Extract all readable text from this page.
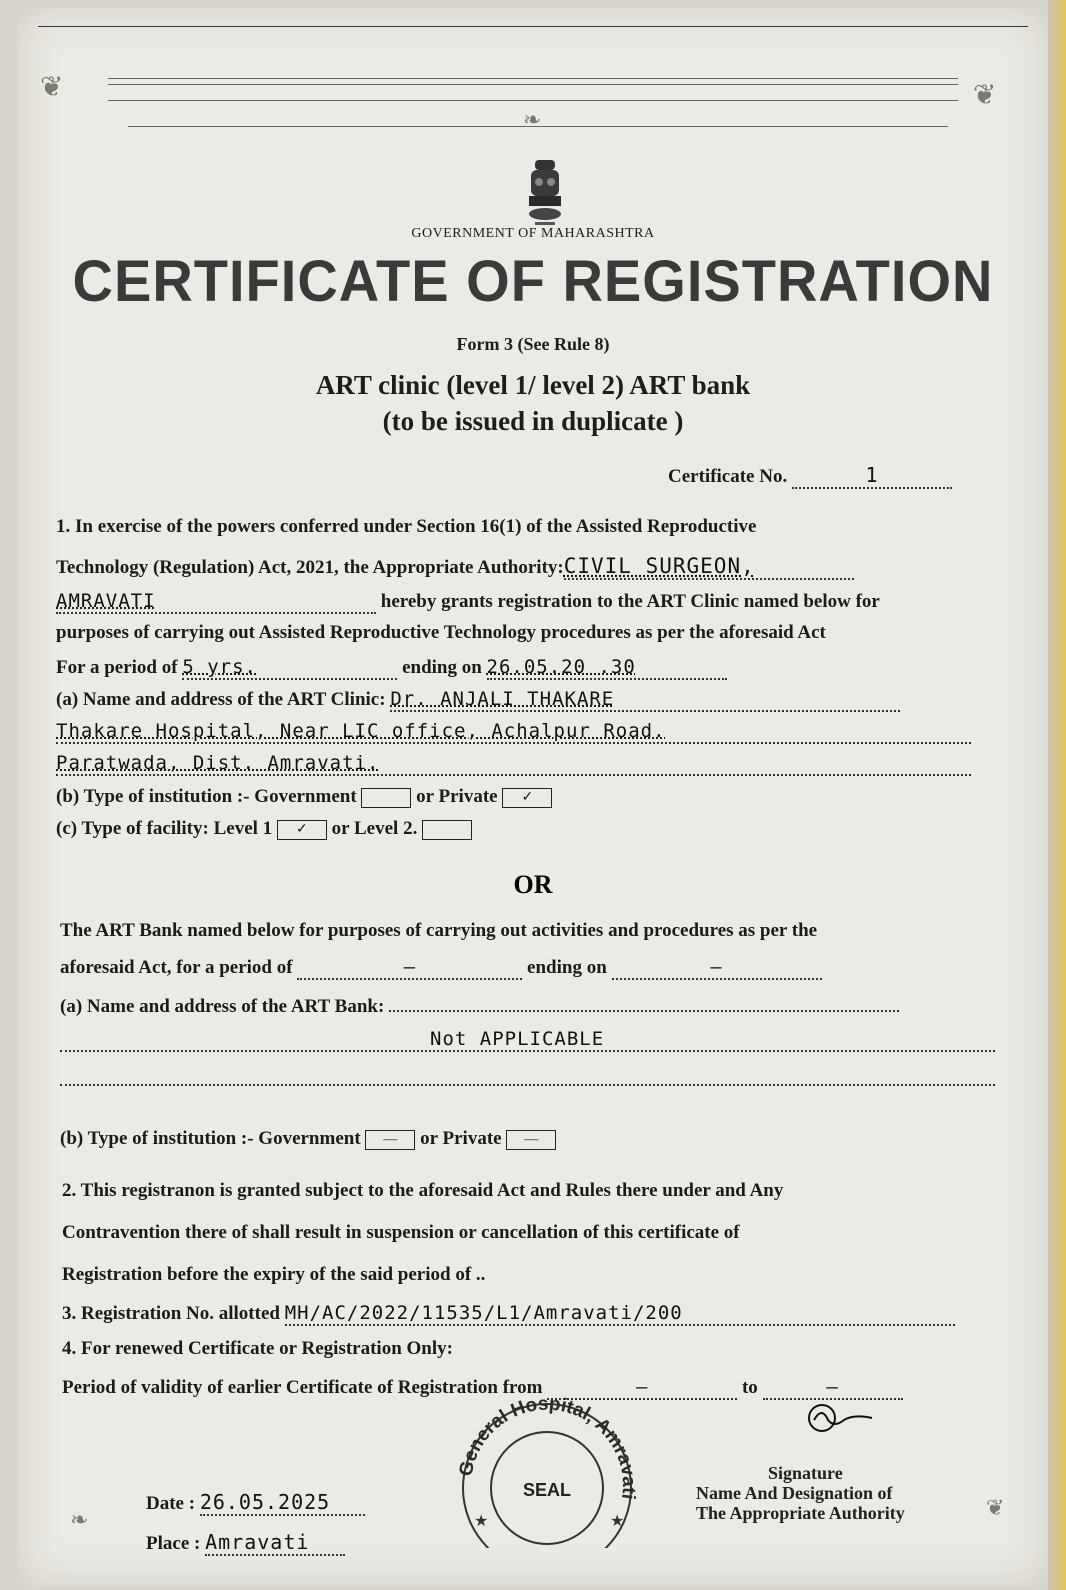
❦	❦
❧
GOVERNMENT OF MAHARASHTRA
CERTIFICATE OF REGISTRATION
Form 3 (See Rule 8)
ART clinic (level 1/ level 2) ART bank
(to be issued in duplicate )
Certificate No.	1
1. In exercise of the powers conferred under Section 16(1) of the Assisted Reproductive
Technology (Regulation) Act, 2021, the Appropriate Authority:CIVIL SURGEON,
AMRAVATI	hereby grants registration to the ART Clinic named below for
purposes of carrying out Assisted Reproductive Technology procedures as per the aforesaid Act
For a period of 5 yrs.	ending on 26.05.20 .30
(a) Name and address of the ART Clinic: Dr. ANJALI THAKARE
Thakare Hospital, Near LIC office, Achalpur Road.
Paratwada, Dist. Amravati.
(b) Type of institution :- Government	or Private ✓
(c) Type of facility: Level 1 ✓ or Level 2.
OR
The ART Bank named below for purposes of carrying out activities and procedures as per the
aforesaid Act, for a period of	—	ending on	—
(a) Name and address of the ART Bank:
Not APPLICABLE
(b) Type of institution :- Government — or Private —
2. This registranon is granted subject to the aforesaid Act and Rules there under and Any
Contravention there of shall result in suspension or cancellation of this certificate of
Registration before the expiry of the said period of ..
3. Registration No. allotted MH/AC/2022/11535/L1/Amravati/200
4. For renewed Certificate or Registration Only:
Period of validity of earlier Certificate of Registration from	—	to	—
General Hospital, Amravati
SEAL
★	★
Signature
Name And Designation of
The Appropriate Authority
Date : 26.05.2025
Place : Amravati
❧	❦
